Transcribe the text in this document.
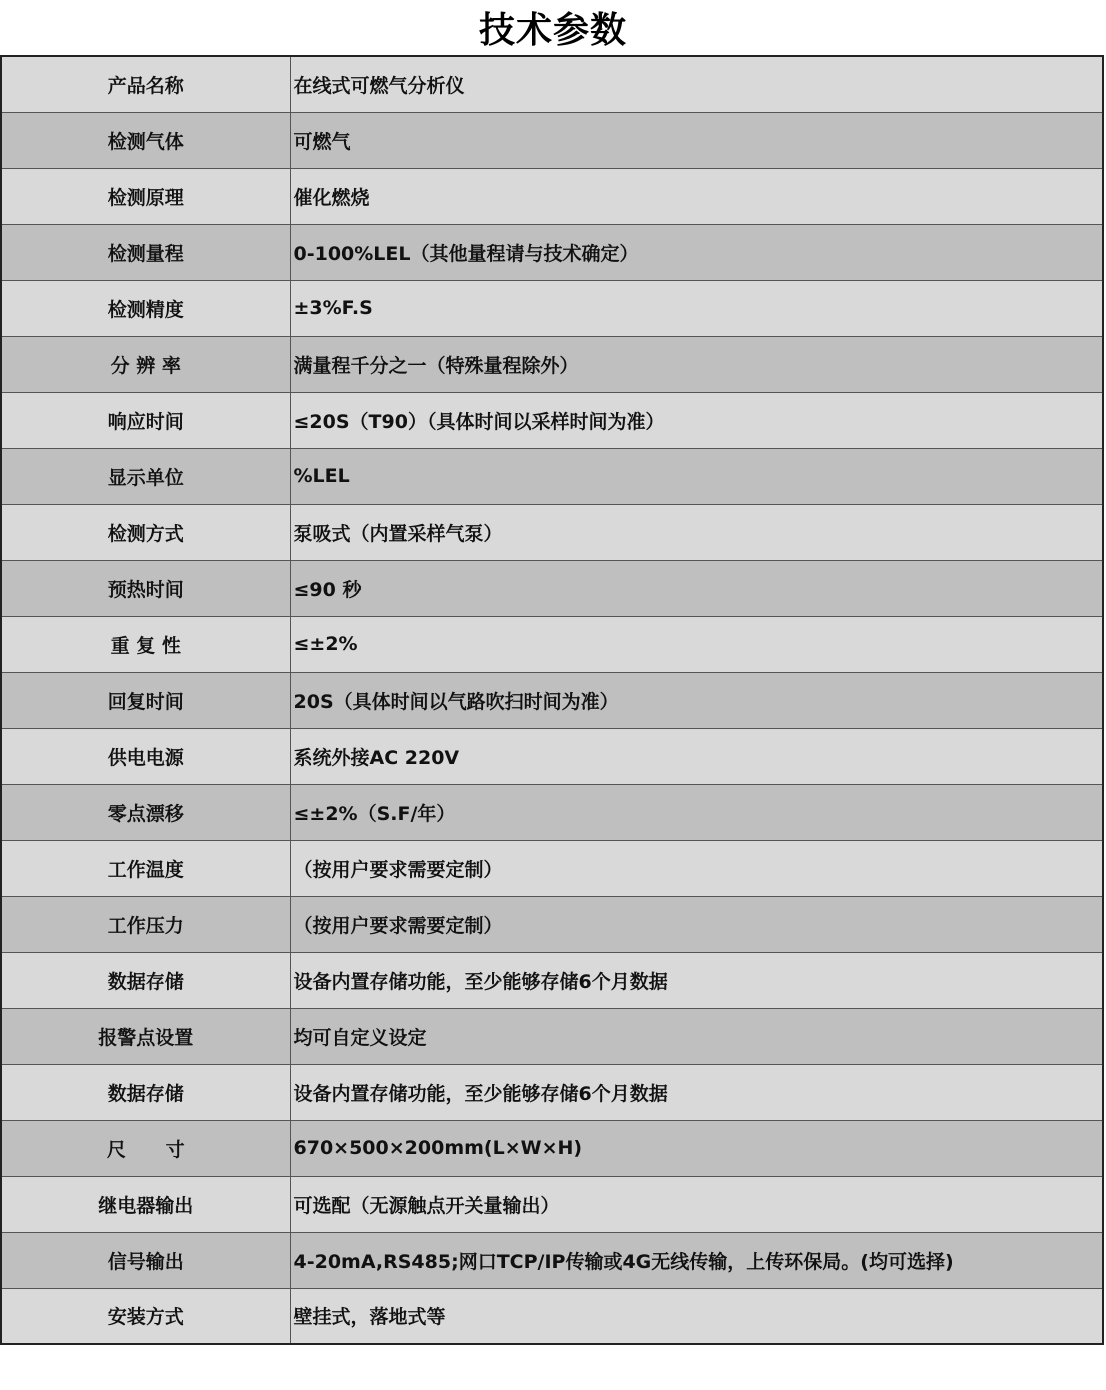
技术参数
产品名称	在线式可燃气分析仪
检测气体	可燃气
检测原理	催化燃烧
检测量程	0-100%LEL（其他量程请与技术确定）
检测精度	±3%F.S
分 辨 率	满量程千分之一（特殊量程除外）
响应时间	≤20S（T90）（具体时间以采样时间为准）
显示单位	%LEL
检测方式	泵吸式（内置采样气泵）
预热时间	≤90 秒
重 复 性	≤±2%
回复时间	20S（具体时间以气路吹扫时间为准）
供电电源	系统外接AC 220V
零点漂移	≤±2%（S.F/年）
工作温度	（按用户要求需要定制）
工作压力	（按用户要求需要定制）
数据存储	设备内置存储功能，至少能够存储6个月数据
报警点设置	均可自定义设定
数据存储	设备内置存储功能，至少能够存储6个月数据
尺      寸	670×500×200mm(L×W×H)
继电器输出	可选配（无源触点开关量输出）
信号输出	4-20mA,RS485;网口TCP/IP传输或4G无线传输，上传环保局。(均可选择)
安装方式	壁挂式，落地式等
